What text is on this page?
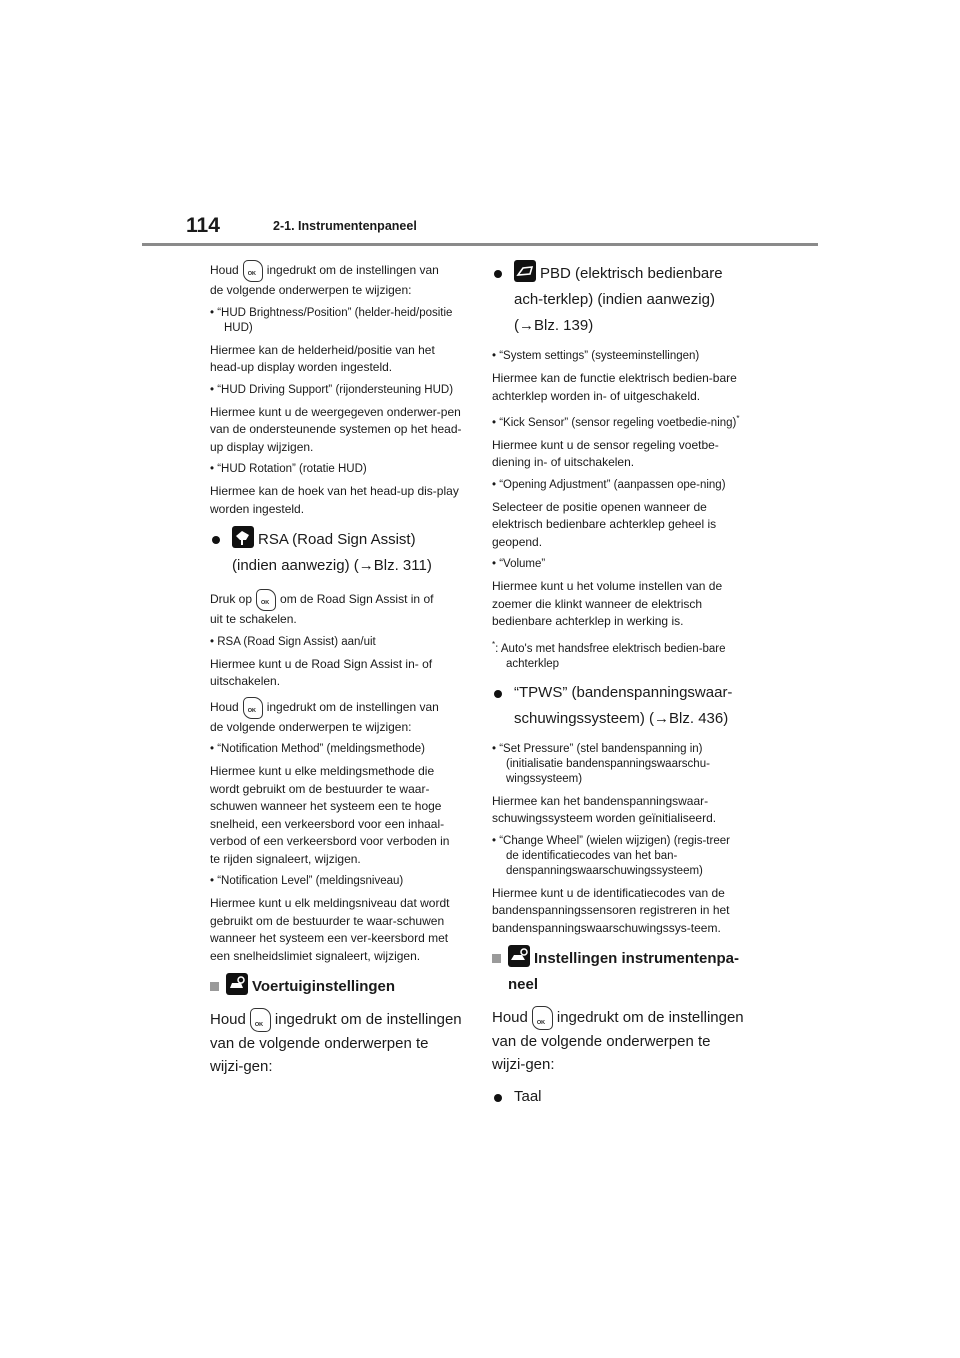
114	2-1. Instrumentenpaneel

Houd OK ingedrukt om de instellingen van
de volgende onderwerpen te wijzigen:

• “HUD Brightness/Position” (helder-heid/positie HUD)

Hiermee kan de helderheid/positie van het head-up display worden ingesteld.

• “HUD Driving Support” (rijondersteuning HUD)

Hiermee kunt u de weergegeven onderwer-pen van de ondersteunende systemen op het head-up display wijzigen.

• “HUD Rotation” (rotatie HUD)

Hiermee kan de hoek van het head-up dis-play worden ingesteld.

RSA (Road Sign Assist) (indien aanwezig) (→Blz. 311)

Druk op OK om de Road Sign Assist in of
uit te schakelen.

• RSA (Road Sign Assist) aan/uit

Hiermee kunt u de Road Sign Assist in- of uitschakelen.

Houd OK ingedrukt om de instellingen van
de volgende onderwerpen te wijzigen:

• “Notification Method” (meldingsmethode)

Hiermee kunt u elke meldingsmethode die wordt gebruikt om de bestuurder te waar-schuwen wanneer het systeem een te hoge snelheid, een verkeersbord voor een inhaal-verbod of een verkeersbord voor verboden in te rijden signaleert, wijzigen.

• “Notification Level” (meldingsniveau)

Hiermee kunt u elk meldingsniveau dat wordt gebruikt om de bestuurder te waar-schuwen wanneer het systeem een ver-keersbord met een snelheidslimiet signaleert, wijzigen.

Voertuiginstellingen

Houd OK ingedrukt om de instellingen van de volgende onderwerpen te wijzi-gen:

PBD (elektrisch bedienbare ach-terklep) (indien aanwezig) (→Blz. 139)

• “System settings” (systeeminstellingen)

Hiermee kan de functie elektrisch bedien-bare achterklep worden in- of uitgeschakeld.

• “Kick Sensor” (sensor regeling voetbedie-ning)*

Hiermee kunt u de sensor regeling voetbe-diening in- of uitschakelen.

• “Opening Adjustment” (aanpassen ope-ning)

Selecteer de positie openen wanneer de elektrisch bedienbare achterklep geheel is geopend.

• “Volume”

Hiermee kunt u het volume instellen van de zoemer die klinkt wanneer de elektrisch bedienbare achterklep in werking is.

*: Auto's met handsfree elektrisch bedien-bare achterklep

“TPWS” (bandenspanningswaar-schuwingssysteem) (→Blz. 436)

• “Set Pressure” (stel bandenspanning in) (initialisatie bandenspanningswaarschu-wingssysteem)

Hiermee kan het bandenspanningswaar-schuwingssysteem worden geïnitialiseerd.

• “Change Wheel” (wielen wijzigen) (regis-treer de identificatiecodes van het ban-denspanningswaarschuwingssysteem)

Hiermee kunt u de identificatiecodes van de bandenspanningssensoren registreren in het bandenspanningswaarschuwingssys-teem.

Instellingen instrumentenpa-neel

Houd OK ingedrukt om de instellingen van de volgende onderwerpen te wijzi-gen:

Taal
